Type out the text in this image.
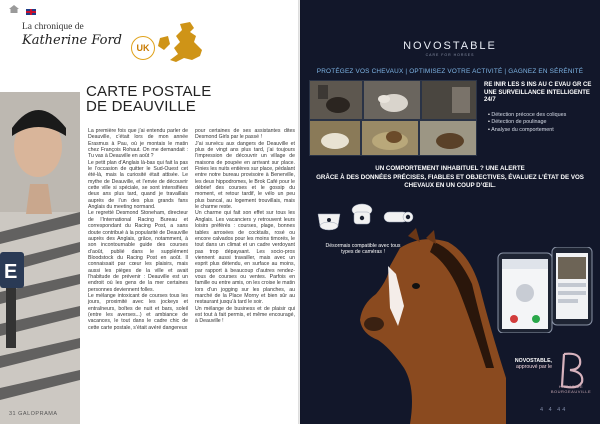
La chronique de
Katherine Ford	UK
E
CARTE POSTALE
DE DEAUVILLE

La première fois que j’ai entendu parler de Deauville, c’était lors de mon année Erasmus à Pau, où je montais le matin chez François Rohaut. On me demandait : Tu vas à Deauville en août ?

Le petit plan d’Anglais là-bas qui fait la pas le l’occasion de quitter le Sud-Ouest cet été-là, mais la curiosité était attisée. Le mythe de Deauville, et l’envie de découvrir cette ville si spéciale, se sont intensifiées deux ans plus tard, quand je travaillais auprès de l’un des plus grands fans Anglais du meeting normand.

Le regretté Desmond Stoneham, directeur de l’International Racing Bureau et correspondant du Racing Post, a sans doute contribué à la popularité de Deauville auprès des Anglais, grâce, notamment, à son incontournable guide des courses d’août, publié dans le supplément Bloodstock du Racing Post en août. Il connaissait par cœur les plaisirs, mais aussi les pièges de la ville et avait l’habitude de prévenir : Deauville est un endroit où les gens de la mer certaines personnes deviennent folles.

Le mélange intoxicant de courses tous les jours, proximité avec les jockeys et entraîneurs, boîtes de nuit et bars, soleil (entre les averses...) et ambiance de vacances, le tout dans le cadre chic de cette carte postale, s’était avéré dangereux

pour certaines de ses assistantes dites Desmond Girls par le passé !

J’ai survécu aux dangers de Deauville et plus de vingt ans plus tard, j’ai toujours l’impression de découvrir un village de maisons de poupée en arrivant sur place. Finies les nuits entières sur place, pédalant entre notre bureau provisoire à Benerville, les deux hippodromes, le Brok Café pour le débrief des courses et le gossip du moment, et retour tardif, le vélo un peu plus bancal, au logement trouvillais, mais le charme reste.

Un charme qui fait son effet sur tous les Anglais. Les vacanciers y retrouvent leurs loisirs préférés : courses, plage, bonnes tables arrosées de cocktails, rosé ou encore calvados pour les moins timorés, le tout dans un climat et un cadre verdoyant pas trop dépaysant. Les socio-pros viennent aussi travailler, mais avec un esprit plus détendu, en surface au moins, par rapport à beaucoup d’autres rendez-vous de courses ou ventes. Parfois en famille ou entre amis, on les croise le matin lors d’un jogging sur les planches, au marché de la Place Morny et bien sûr au restaurant jusqu’à tard le soir.

Un mélange de business et de plaisir qui est tout à fait permis, et même encouragé, à Deauville !

31 GALOPRAMA
NOVOSTABLE
CARE FOR HORSES
PROTÉGEZ VOS CHEVAUX | OPTIMISEZ VOTRE ACTIVITÉ | GAGNEZ EN SÉRÉNITÉ
RE INIR LES S INS AU C EVAU GR CE UNE SURVEILLANCE INTELLIGENTE 24/7
• Détection précoce des coliques
• Détection de poulinage
• Analyse du comportement
UN COMPORTEMENT INHABITUEL ? UNE ALERTE
GRÂCE À DES DONNÉES PRÉCISES, FIABLES ET OBJECTIVES, ÉVALUEZ L’ÉTAT DE VOS CHEVAUX EN UN COUP D’ŒIL.
Désormais compatible avec tous types de caméras !
NOVOSTABLE,
approuvé par le
HARAS DE BOURGEAUVILLE
4 4 44
